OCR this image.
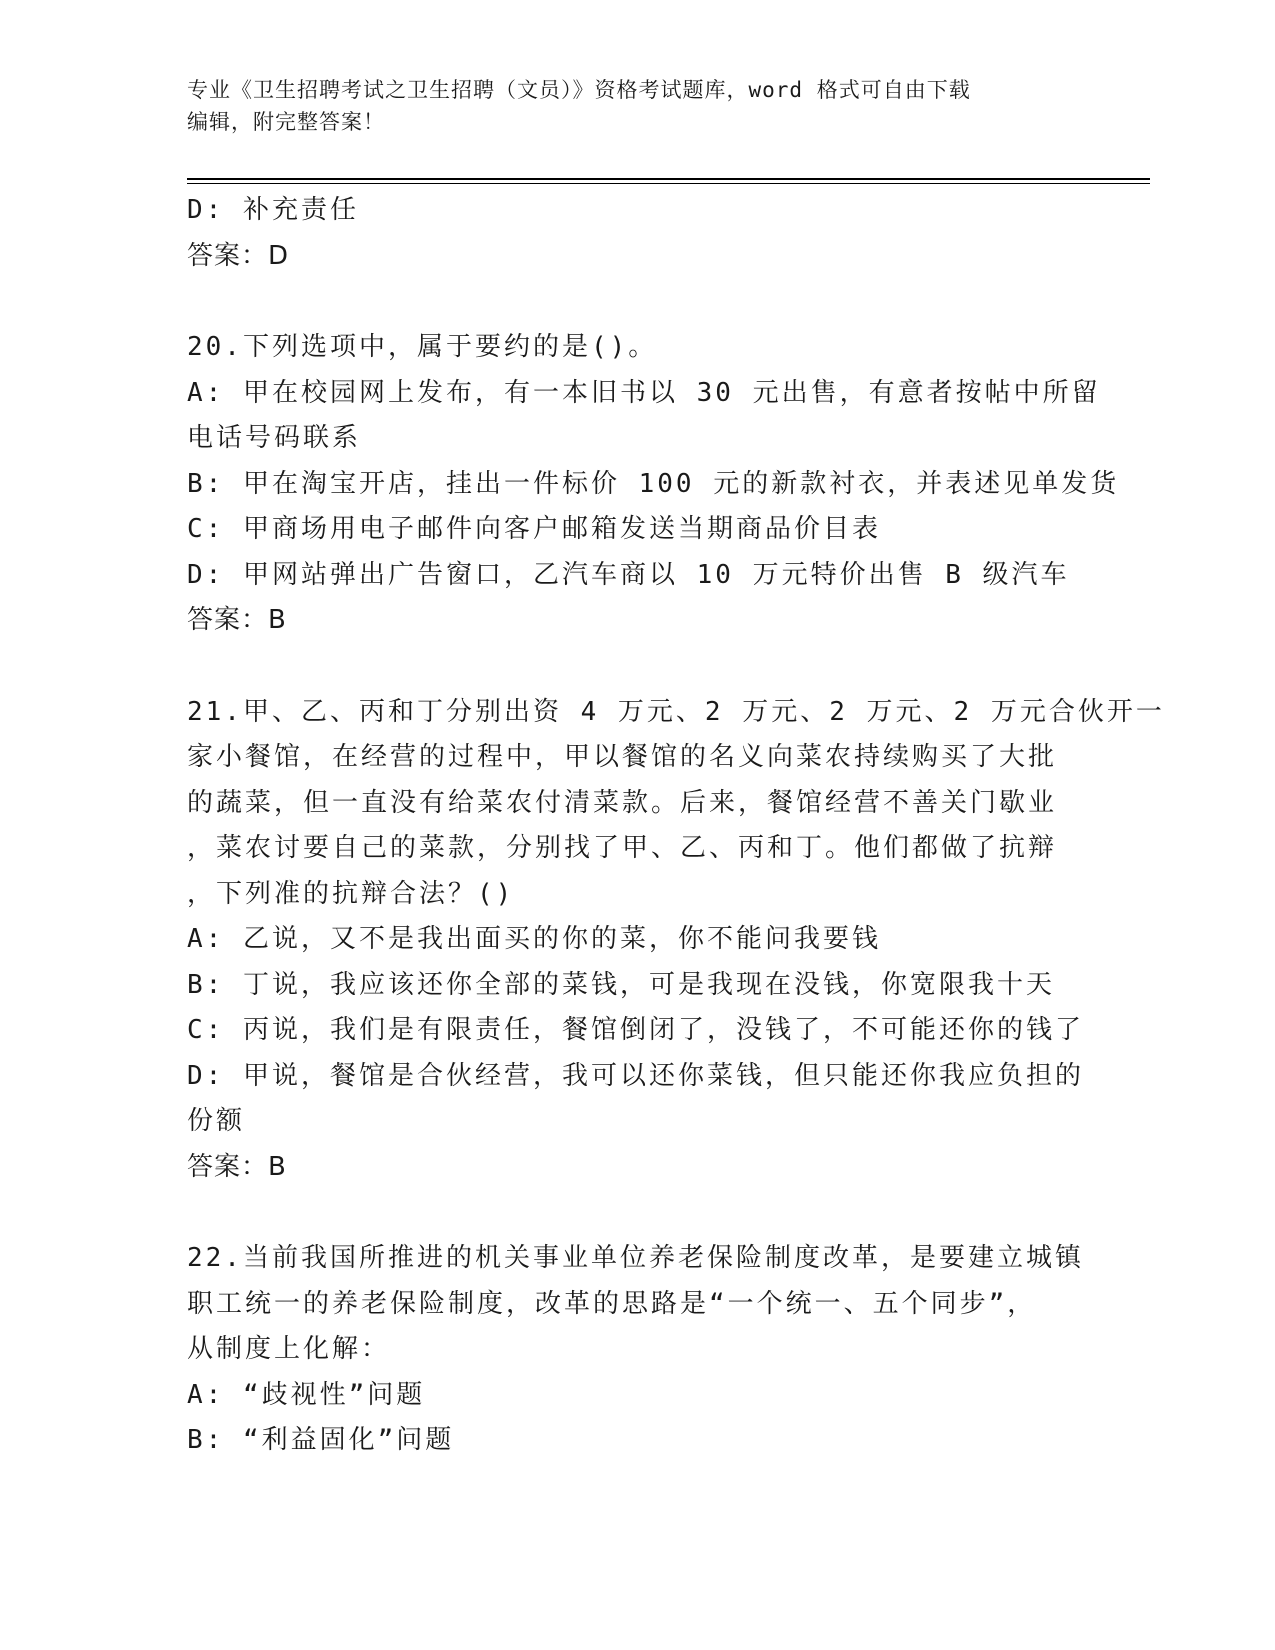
专业《卫生招聘考试之卫生招聘（文员）》资格考试题库，word 格式可自由下载

编辑，附完整答案！

D: 补充责任

答案：D

20.下列选项中，属于要约的是()。

A: 甲在校园网上发布，有一本旧书以 30 元出售，有意者按帖中所留

电话号码联系

B: 甲在淘宝开店，挂出一件标价 100 元的新款衬衣，并表述见单发货

C: 甲商场用电子邮件向客户邮箱发送当期商品价目表

D: 甲网站弹出广告窗口，乙汽车商以 10 万元特价出售 B 级汽车

答案：B

21.甲、乙、丙和丁分别出资 4 万元、2 万元、2 万元、2 万元合伙开一

家小餐馆，在经营的过程中，甲以餐馆的名义向菜农持续购买了大批

的蔬菜，但一直没有给菜农付清菜款。后来，餐馆经营不善关门歇业

，菜农讨要自己的菜款，分别找了甲、乙、丙和丁。他们都做了抗辩

，下列准的抗辩合法？()

A: 乙说，又不是我出面买的你的菜，你不能问我要钱

B: 丁说，我应该还你全部的菜钱，可是我现在没钱，你宽限我十天

C: 丙说，我们是有限责任，餐馆倒闭了，没钱了，不可能还你的钱了

D: 甲说，餐馆是合伙经营，我可以还你菜钱，但只能还你我应负担的

份额

答案：B

22.当前我国所推进的机关事业单位养老保险制度改革，是要建立城镇

职工统一的养老保险制度，改革的思路是“一个统一、五个同步”，

从制度上化解：

A: “歧视性”问题

B: “利益固化”问题
